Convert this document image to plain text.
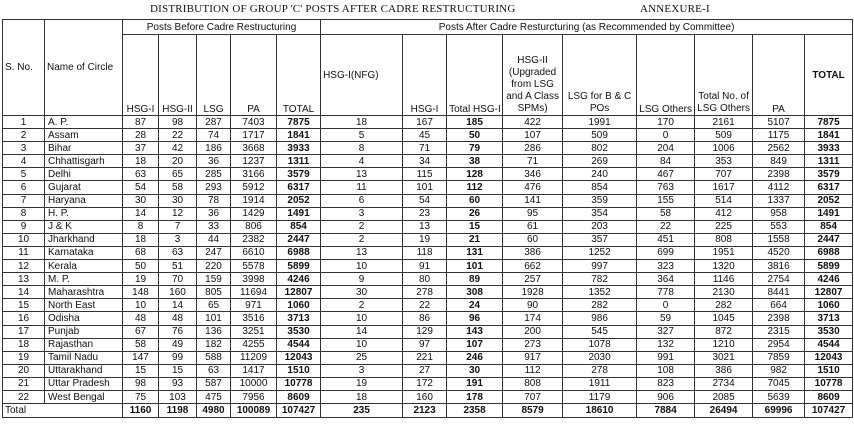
DISTRIBUTION OF GROUP 'C' POSTS AFTER CADRE RESTRUCTURING	ANNEXURE-I
S. No.	Name of Circle	Posts Before Cadre Restructuring					Posts After Cadre Resturcturing (as Recommended by Committee)								
		HSG-I	HSG-II	LSG	PA	TOTAL	HSG-I(NFG)	HSG-I	Total HSG-I	HSG-II (Upgraded from LSG and A Class SPMs)	LSG for B & C POs	LSG Others	Total No. of LSG Others	PA	TOTAL
1	A. P.	87	98	287	7403	7875	18	167	185	422	1991	170	2161	5107	7875
2	Assam	28	22	74	1717	1841	5	45	50	107	509	0	509	1175	1841
3	Bihar	37	42	186	3668	3933	8	71	79	286	802	204	1006	2562	3933
4	Chhattisgarh	18	20	36	1237	1311	4	34	38	71	269	84	353	849	1311
5	Delhi	63	65	285	3166	3579	13	115	128	346	240	467	707	2398	3579
6	Gujarat	54	58	293	5912	6317	11	101	112	476	854	763	1617	4112	6317
7	Haryana	30	30	78	1914	2052	6	54	60	141	359	155	514	1337	2052
8	H. P.	14	12	36	1429	1491	3	23	26	95	354	58	412	958	1491
9	J & K	8	7	33	806	854	2	13	15	61	203	22	225	553	854
10	Jharkhand	18	3	44	2382	2447	2	19	21	60	357	451	808	1558	2447
11	Karnataka	68	63	247	6610	6988	13	118	131	386	1252	699	1951	4520	6988
12	Kerala	50	51	220	5578	5899	10	91	101	662	997	323	1320	3816	5899
13	M. P.	19	70	159	3998	4246	9	80	89	257	782	364	1146	2754	4246
14	Maharashtra	148	160	805	11694	12807	30	278	308	1928	1352	778	2130	8441	12807
15	North East	10	14	65	971	1060	2	22	24	90	282	0	282	664	1060
16	Odisha	48	48	101	3516	3713	10	86	96	174	986	59	1045	2398	3713
17	Punjab	67	76	136	3251	3530	14	129	143	200	545	327	872	2315	3530
18	Rajasthan	58	49	182	4255	4544	10	97	107	273	1078	132	1210	2954	4544
19	Tamil Nadu	147	99	588	11209	12043	25	221	246	917	2030	991	3021	7859	12043
20	Uttarakhand	15	15	63	1417	1510	3	27	30	112	278	108	386	982	1510
21	Uttar Pradesh	98	93	587	10000	10778	19	172	191	808	1911	823	2734	7045	10778
22	West Bengal	75	103	475	7956	8609	18	160	178	707	1179	906	2085	5639	8609
Total		1160	1198	4980	100089	107427	235	2123	2358	8579	18610	7884	26494	69996	107427
